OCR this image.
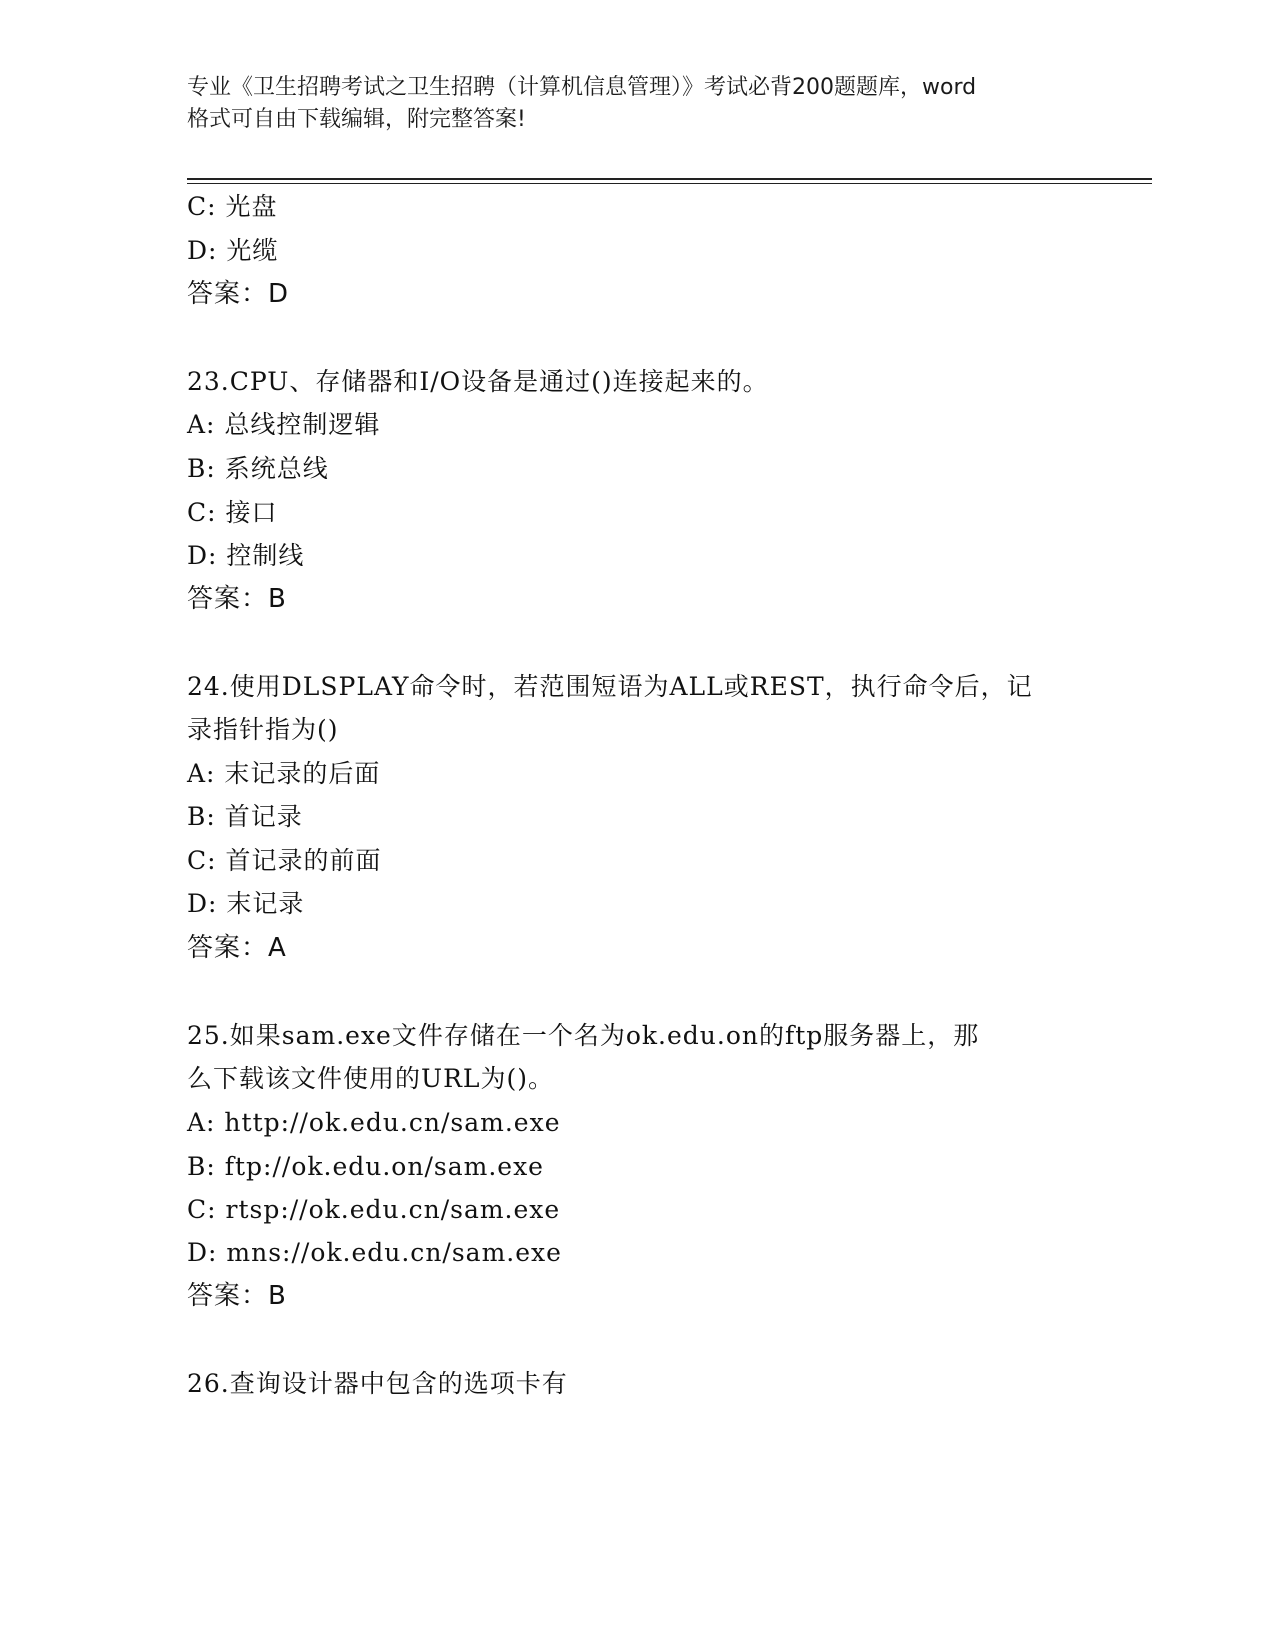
专业《卫生招聘考试之卫生招聘（计算机信息管理）》考试必背200题题库，word
格式可自由下载编辑，附完整答案!
C: 光盘
D: 光缆
答案：D
23.CPU、存储器和I/O设备是通过()连接起来的。
A: 总线控制逻辑
B: 系统总线
C: 接口
D: 控制线
答案：B
24.使用DLSPLAY命令时，若范围短语为ALL或REST，执行命令后，记
录指针指为()
A: 末记录的后面
B: 首记录
C: 首记录的前面
D: 末记录
答案：A
25.如果sam.exe文件存储在一个名为ok.edu.on的ftp服务器上，那
么下载该文件使用的URL为()。
A: http://ok.edu.cn/sam.exe
B: ftp://ok.edu.on/sam.exe
C: rtsp://ok.edu.cn/sam.exe
D: mns://ok.edu.cn/sam.exe
答案：B
26.查询设计器中包含的选项卡有
